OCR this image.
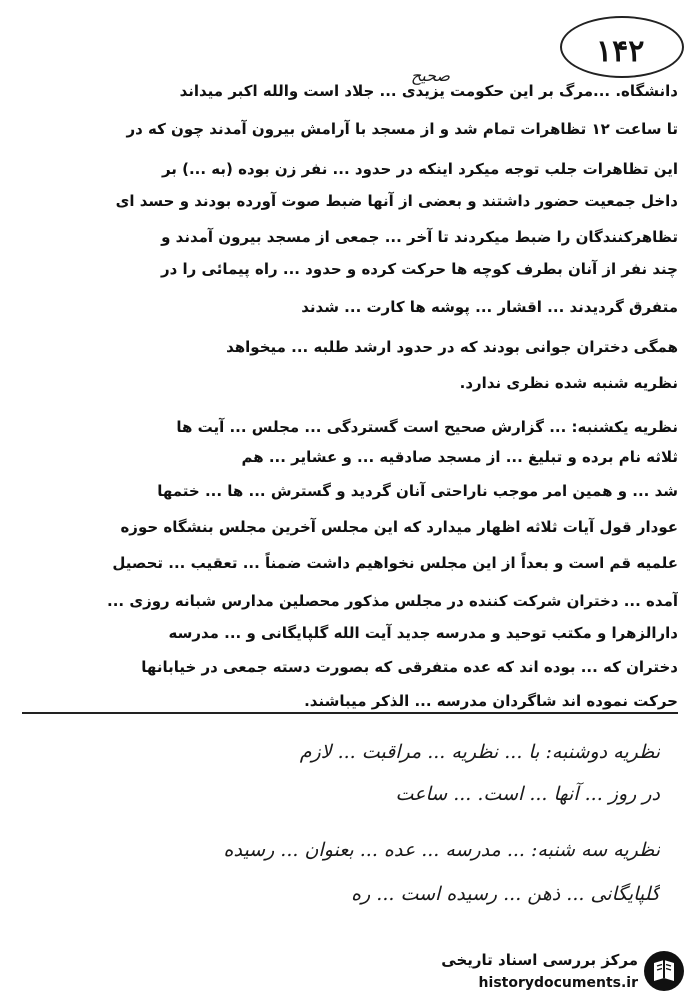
۱۴۲
صحیح
دانشگاه. ...مرگ بر این حکومت یزیدی ... جلاد است والله اکبر میداند
تا ساعت ۱۲ تظاهرات تمام شد و از مسجد با آرامش بیرون آمدند چون که در
این تظاهرات جلب توجه میکرد اینکه در حدود ... نفر زن بوده (به ...) بر
داخل جمعیت حضور داشتند و بعضی از آنها ضبط صوت آورده بودند و حسد ای
تظاهرکنندگان را ضبط میکردند تا آخر ... جمعی از مسجد بیرون آمدند و
چند نفر از آنان بطرف کوچه ها حرکت کرده و حدود ... راه پیمائی را در
متفرق گردیدند ... اقشار ... پوشه ها کارت ... شدند
همگی دختران جوانی بودند که در حدود ارشد طلبه ... میخواهد
نظریه شنبه شده نظری ندارد.
نظریه یکشنبه: ... گزارش صحیح است گستردگی ... مجلس ... آیت ها
ثلاثه نام برده و تبلیغ ... از مسجد صادقیه ... و عشایر ... هم
شد ... و همین امر موجب ناراحتی آنان گردید و گسترش ... ها ... ختمها
عودار قول آیات ثلاثه اظهار میدارد که این مجلس آخرین مجلس بنشگاه حوزه
علمیه قم است و بعداً از این مجلس نخواهیم داشت ضمناً ... تعقیب ... تحصیل
آمده ... دختران شرکت کننده در مجلس مذکور محصلین مدارس شبانه روزی ...
دارالزهرا و مکتب توحید و مدرسه جدید آیت الله گلپایگانی و ... مدرسه
دختران که ... بوده اند که عده متفرقی که بصورت دسته جمعی در خیابانها
حرکت نموده اند شاگردان مدرسه ... الذکر میباشند.
نظریه دوشنبه: با ... نظریه ... مراقبت ... لازم
در روز ... آنها ... است. ... ساعت
نظریه سه شنبه: ... مدرسه ... عده ... بعنوان ... رسیده
گلپایگانی ... ذهن ... رسیده است ... ره
مرکز بررسی اسناد تاریخی
historydocuments.ir
